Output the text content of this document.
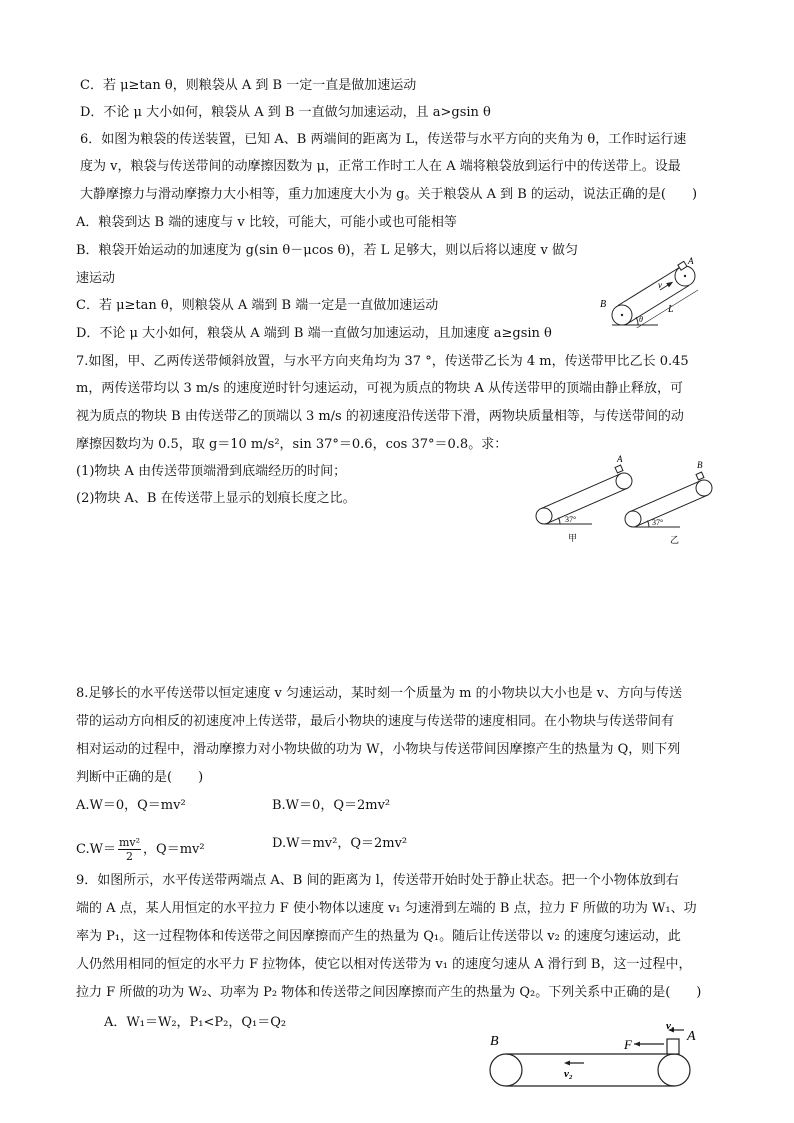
C．若 μ≥tan θ，则粮袋从 A 到 B 一定一直是做加速运动
D．不论 μ 大小如何，粮袋从 A 到 B 一直做匀加速运动，且 a>gsin θ
6．如图为粮袋的传送装置，已知 A、B 两端间的距离为 L，传送带与水平方向的夹角为 θ，工作时运行速
度为 v，粮袋与传送带间的动摩擦因数为 μ，正常工作时工人在 A 端将粮袋放到运行中的传送带上。设最
大静摩擦力与滑动摩擦力大小相等，重力加速度大小为 g。关于粮袋从 A 到 B 的运动，说法正确的是(　　)
A．粮袋到达 B 端的速度与 v 比较，可能大，可能小或也可能相等
B．粮袋开始运动的加速度为 g(sin θ－μcos θ)，若 L 足够大，则以后将以速度 v 做匀
速运动
C．若 μ≥tan θ，则粮袋从 A 端到 B 端一定是一直做加速运动
D．不论 μ 大小如何，粮袋从 A 端到 B 端一直做匀加速运动，且加速度 a≥gsin θ
B
A
v
L
θ
7.如图，甲、乙两传送带倾斜放置，与水平方向夹角均为 37 °，传送带乙长为 4 m，传送带甲比乙长 0.45
m，两传送带均以 3 m/s 的速度逆时针匀速运动，可视为质点的物块 A 从传送带甲的顶端由静止释放，可
视为质点的物块 B 由传送带乙的顶端以 3 m/s 的初速度沿传送带下滑，两物块质量相等，与传送带间的动
摩擦因数均为 0.5，取 g＝10 m/s²，sin 37°＝0.6，cos 37°＝0.8。求：
(1)物块 A 由传送带顶端滑到底端经历的时间；
(2)物块 A、B 在传送带上显示的划痕长度之比。
A
B
37°	37°
甲	乙
8.足够长的水平传送带以恒定速度 v 匀速运动，某时刻一个质量为 m 的小物块以大小也是 v、方向与传送
带的运动方向相反的初速度冲上传送带，最后小物块的速度与传送带的速度相同。在小物块与传送带间有
相对运动的过程中，滑动摩擦力对小物块做的功为 W，小物块与传送带间因摩擦产生的热量为 Q，则下列
判断中正确的是(　　)
A.W＝0，Q＝mv²	B.W＝0，Q＝2mv²
$C.W= \frac{\text{mv²}}{2}$ ，Q＝mv²	D.W＝mv²，Q＝2mv²
9．如图所示，水平传送带两端点 A、B 间的距离为 l，传送带开始时处于静止状态。把一个小物体放到右
端的 A 点，某人用恒定的水平拉力 F 使小物体以速度 v₁ 匀速滑到左端的 B 点，拉力 F 所做的功为 W₁、功
率为 P₁，这一过程物体和传送带之间因摩擦而产生的热量为 Q₁。随后让传送带以 v₂ 的速度匀速运动，此
人仍然用相同的恒定的水平力 F 拉物体，使它以相对传送带为 v₁ 的速度匀速从 A 滑行到 B，这一过程中，
拉力 F 所做的功为 W₂、功率为 P₂ 物体和传送带之间因摩擦而产生的热量为 Q₂。下列关系中正确的是(　　)
A．W₁＝W₂，P₁<P₂，Q₁＝Q₂
B	A
F
v₁
v₂
